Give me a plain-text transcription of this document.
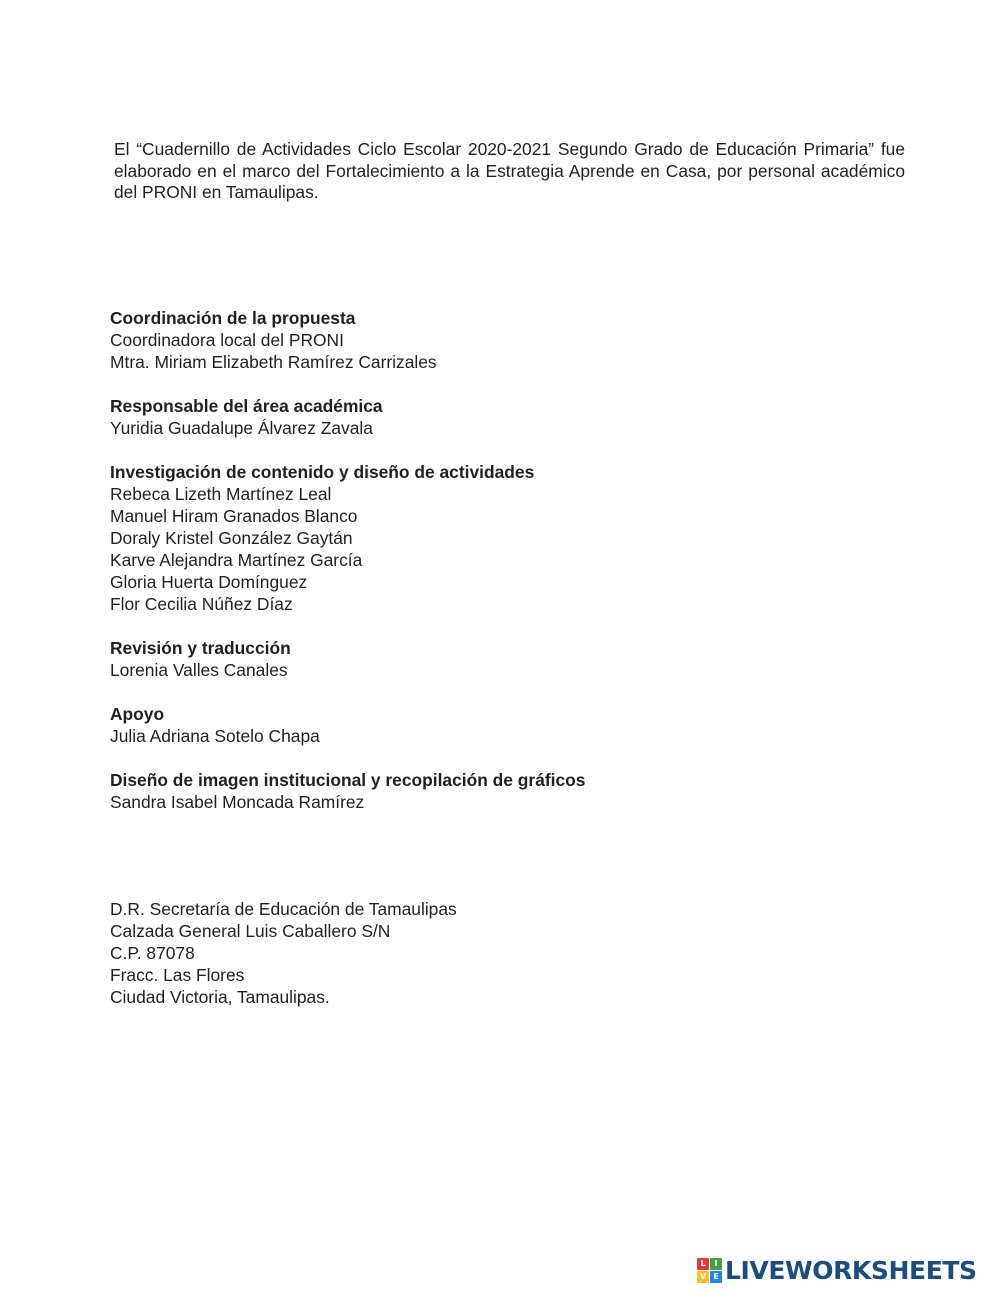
El “Cuadernillo de Actividades Ciclo Escolar 2020-2021 Segundo Grado de Educación Primaria” fue elaborado en el marco del Fortalecimiento a la Estrategia Aprende en Casa, por personal académico del PRONI en Tamaulipas.

Coordinación de la propuesta
Coordinadora local del PRONI
Mtra. Miriam Elizabeth Ramírez Carrizales
Responsable del área académica
Yuridia Guadalupe Álvarez Zavala
Investigación de contenido y diseño de actividades
Rebeca Lizeth Martínez Leal
Manuel Hiram Granados Blanco
Doraly Kristel González Gaytán
Karve Alejandra Martínez García
Gloria Huerta Domínguez
Flor Cecilia Núñez Díaz
Revisión y traducción
Lorenia Valles Canales
Apoyo
Julia Adriana Sotelo Chapa
Diseño de imagen institucional y recopilación de gráficos
Sandra Isabel Moncada Ramírez
D.R. Secretaría de Educación de Tamaulipas
Calzada General Luis Caballero S/N
C.P. 87078
Fracc. Las Flores
Ciudad Victoria, Tamaulipas.
L	I
V E LIVEWORKSHEETS
